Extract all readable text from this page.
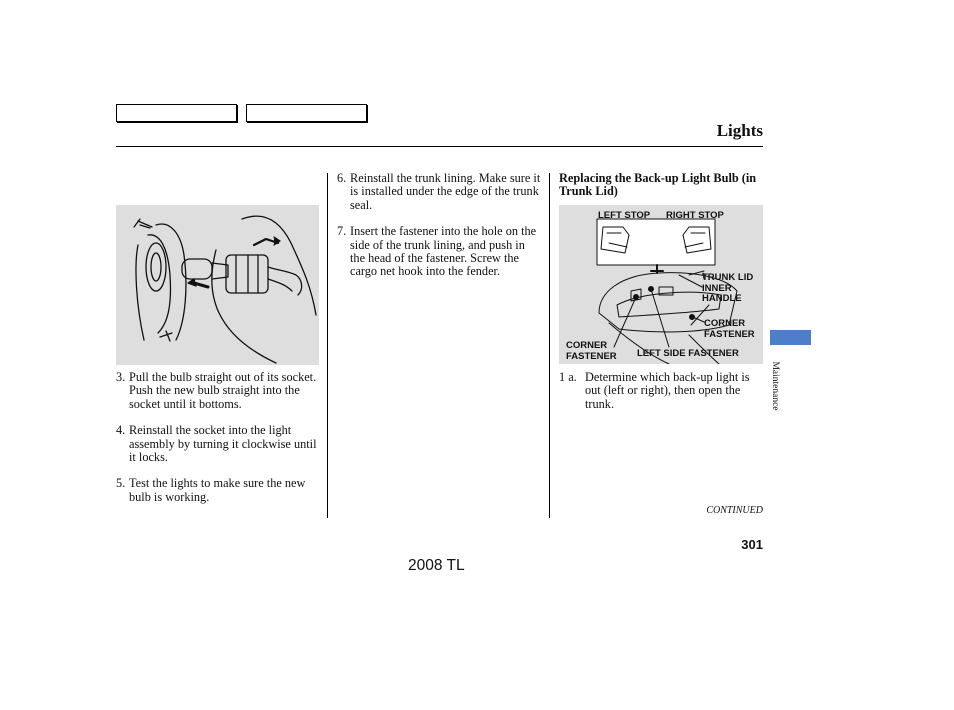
Lights
3. Pull the bulb straight out of its socket. Push the new bulb straight into the socket until it bottoms.
4. Reinstall the socket into the light assembly by turning it clockwise until it locks.
5. Test the lights to make sure the new bulb is working.
6. Reinstall the trunk lining. Make sure it is installed under the edge of the trunk seal.
7. Insert the fastener into the hole on the side of the trunk lining, and push in the head of the fastener. Screw the cargo net hook into the fender.
Replacing the Back-up Light Bulb (in Trunk Lid)
LEFT STOP RIGHT STOP
TRUNK LID
INNER
HANDLE
CORNER
FASTENER
CORNER
FASTENER LEFT SIDE FASTENER
1 a. Determine which back-up light is out (left or right), then open the trunk.	Maintenance
CONTINUED
301
2008 TL
